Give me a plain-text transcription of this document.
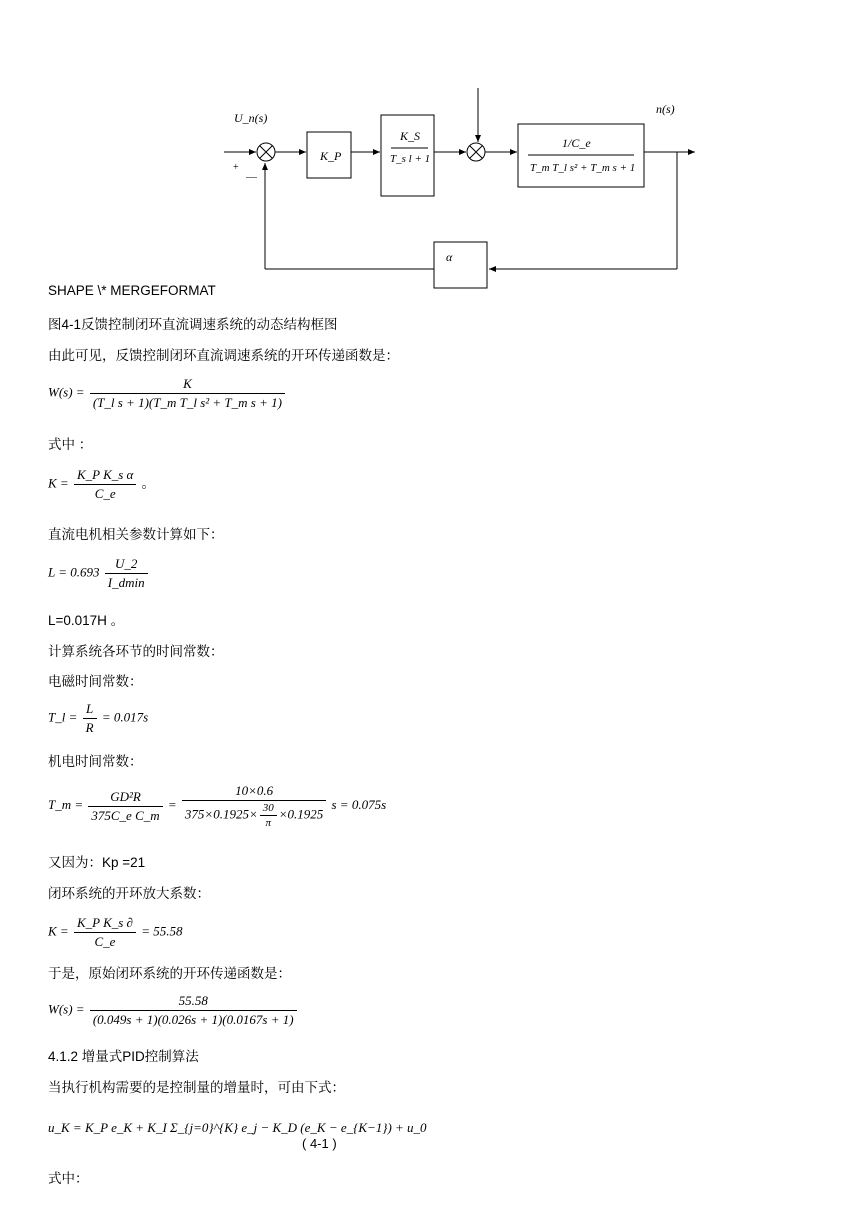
U_n(s)
+
—
K_P
K_S
T_s l + 1
1/C_e
T_m T_l s² + T_m s + 1
n(s)
α
SHAPE \* MERGEFORMAT
图4-1反馈控制闭环直流调速系统的动态结构框图
由此可见，反馈控制闭环直流调速系统的开环传递函数是：
$W(s) = \frac{K}{\text{(T\_l s + 1)(T\_m T\_l s² + T\_m s + 1)}}$
式中 ：
$K = \frac{\text{K\_P K\_s α}}{C\_e}$ 。
直流电机相关参数计算如下：
$L = 0.693 \frac{U\_2}{I\_dmin}$
L=0.017H 。
计算系统各环节的时间常数：
电磁时间常数：
T_l = $\frac{L}{R} = 0.017s$
机电时间常数：
T_m = $\frac{\text{GD²R}}{\text{375C\_e C\_m}} = \frac{10\times 0.6}{375\times 0.1925\times \frac{30}{\pi} \times 0.1925}$ s = 0.075s
又因为：Kp =21
闭环系统的开环放大系数：
$K = \frac{\text{K\_P K\_s ∂}}{C\_e} = 55.58$
于是，原始闭环系统的开环传递函数是：
$W(s) = \frac{55.58}{(0.049s + 1)(0.026s + 1)(0.0167s + 1)}$
4.1.2 增量式PID控制算法
当执行机构需要的是控制量的增量时，可由下式：
u_K = K_P e_K + K_I Σ_{j=0}^{K} e_j − K_D (e_K − e_{K−1}) + u_0
( 4-1 )
式中：
